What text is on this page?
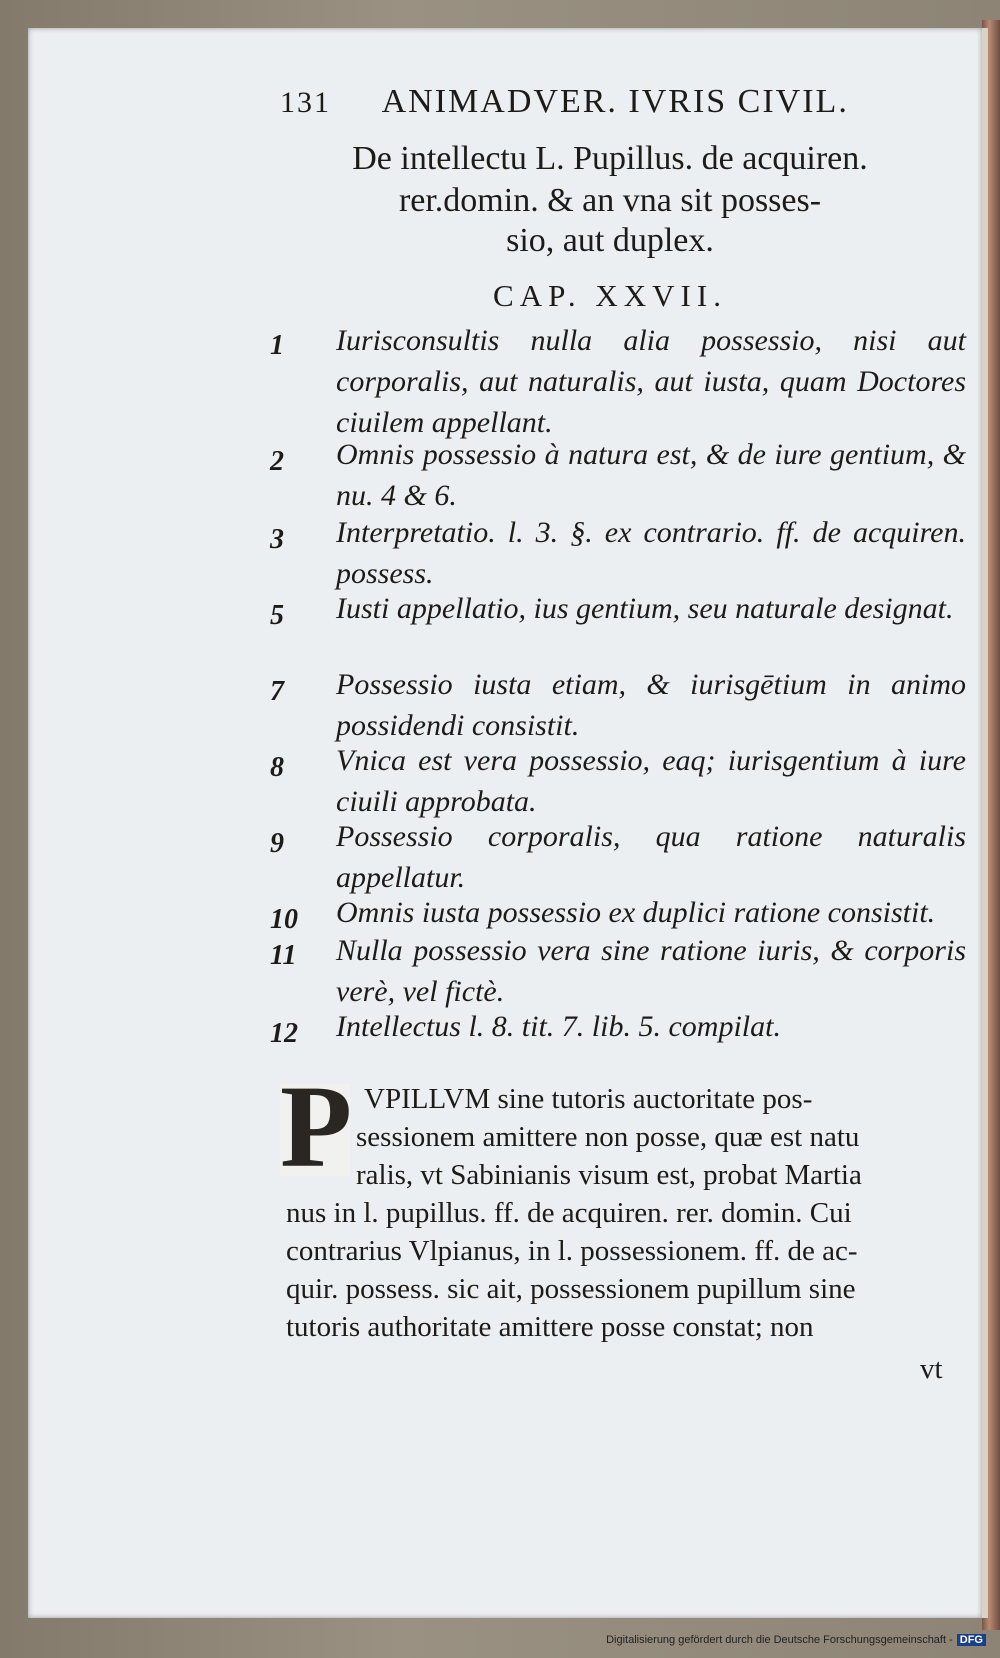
131 ANIMADVER. IVRIS CIVIL.
De intellectu L. Pupillus. de acquiren.
rer.domin. & an vna sit posses-
sio, aut duplex.
CAP. XXVII.
1	Iurisconsultis nulla alia possessio, nisi aut corporalis, aut naturalis, aut iusta, quam Doctores ciuilem appellant.
2	Omnis possessio à natura est, & de iure gentium, & nu. 4 & 6.
3	Interpretatio. l. 3. §. ex contrario. ff. de acquiren. possess.
5	Iusti appellatio, ius gentium, seu naturale designat.
7	Possessio iusta etiam, & iurisgētium in animo possidendi consistit.
8	Vnica est vera possessio, eaq; iurisgentium à iure ciuili approbata.
9	Possessio corporalis, qua ratione naturalis appellatur.
10 Omnis iusta possessio ex duplici ratione consistit.
11 Nulla possessio vera sine ratione iuris, & corporis verè, vel fictè.
12 Intellectus l. 8. tit. 7. lib. 5. compilat.
P VPILLVM sine tutoris auctoritate pos-
sessionem amittere non posse, quæ est natu
ralis, vt Sabinianis visum est, probat Martia
nus in l. pupillus. ff. de acquiren. rer. domin. Cui
contrarius Vlpianus, in l. possessionem. ff. de ac-
quir. possess. sic ait, possessionem pupillum sine
tutoris authoritate amittere posse constat; non
vt
Digitalisierung gefördert durch die Deutsche Forschungsgemeinschaft - DFG
